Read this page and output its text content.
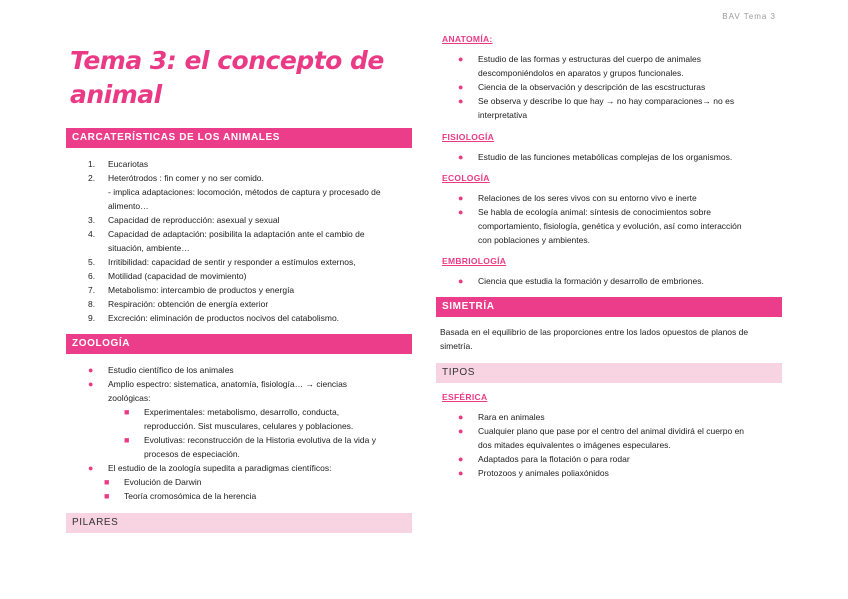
BAV Tema 3
Tema 3: el concepto de animal
CARCATERÍSTICAS DE LOS ANIMALES
1.	Eucariotas
2.	Heterótrodos : fin comer y no ser comido.
- implica adaptaciones: locomoción, métodos de captura y procesado de
alimento…
3.	Capacidad de reproducción: asexual y sexual
4.	Capacidad de adaptación: posibilita la adaptación ante el cambio de
situación, ambiente…
5.	Irritibilidad: capacidad de sentir y responder a estímulos externos,
6.	Motilidad (capacidad de movimiento)
7.	Metabolismo: intercambio de productos y energía
8.	Respiración: obtención de energía exterior
9.	Excreción: eliminación de productos nocivos del catabolismo.
ZOOLOGÍA
●	Estudio científico de los animales
●	Amplio espectro: sistematica, anatomía, fisiología… → ciencias
zoológicas:
■	Experimentales: metabolismo, desarrollo, conducta,
reproducción. Sist musculares, celulares y poblaciones.
■	Evolutivas: reconstrucción de la Historia evolutiva de la vida y
procesos de especiación.
●	El estudio de la zoología supedita a paradigmas científicos:
■	Evolución de Darwin
■	Teoría cromosómica de la herencia
PILARES
ANATOMÍA:
●	Estudio de las formas y estructuras del cuerpo de animales
descomponiéndolos en aparatos y grupos funcionales.
●	Ciencia de la observación y descripción de las escstructuras
●	Se observa y describe lo que hay → no hay comparaciones→ no es
interpretativa
FISIOLOGÍA
●	Estudio de las funciones metabólicas complejas de los organismos.
ECOLOGÍA
●	Relaciones de los seres vivos con su entorno vivo e inerte
●	Se habla de ecología animal: síntesis de conocimientos sobre
comportamiento, fisiología, genética y evolución, así como interacción
con poblaciones y ambientes.
EMBRIOLOGÍA
●	Ciencia que estudia la formación y desarrollo de embriones.
SIMETRÍA
Basada en el equilibrio de las proporciones entre los lados opuestos de planos de
simetría.
TIPOS
ESFÉRICA
●	Rara en animales
●	Cualquier plano que pase por el centro del animal dividirá el cuerpo en
dos mitades equivalentes o imágenes especulares.
●	Adaptados para la flotación o para rodar
●	Protozoos y animales poliaxónidos
